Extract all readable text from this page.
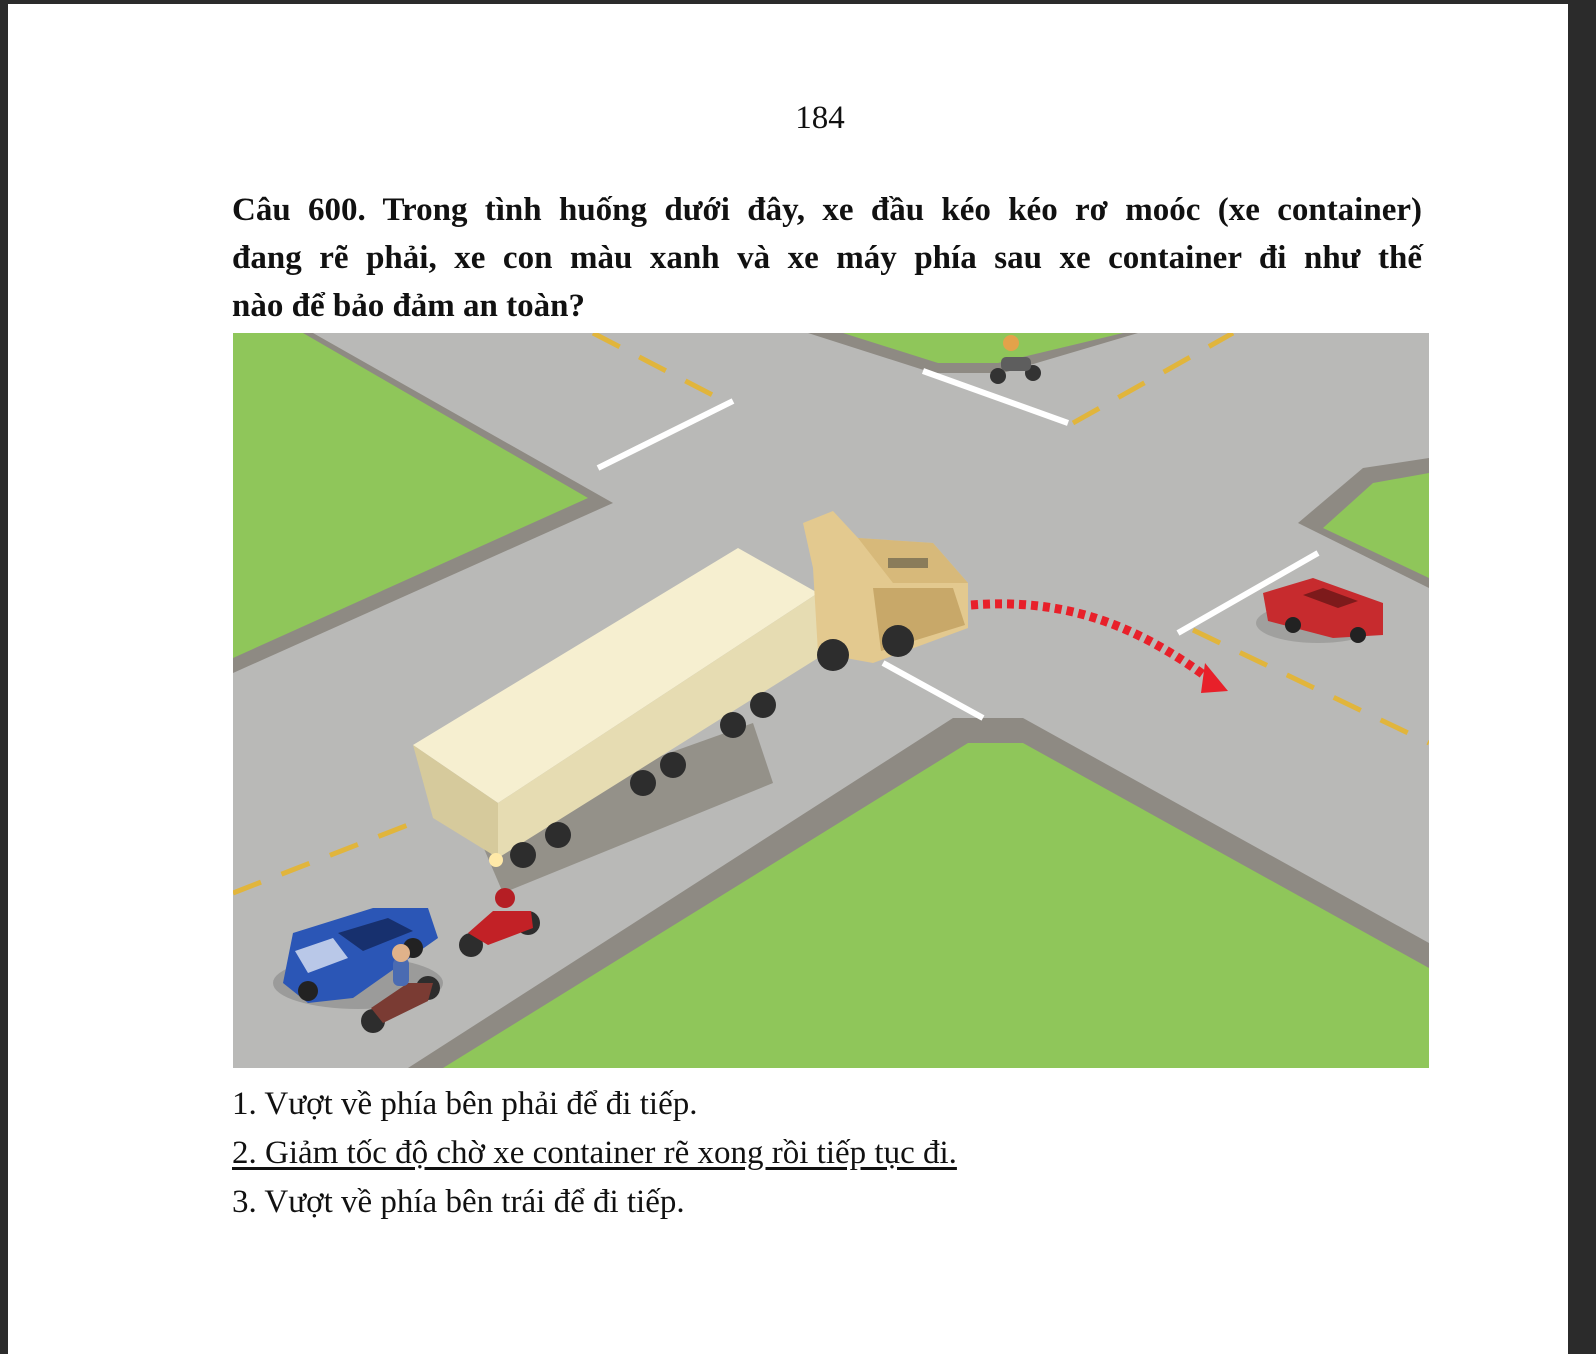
184
Câu 600. Trong tình huống dưới đây, xe đầu kéo kéo rơ moóc (xe container)
đang rẽ phải, xe con màu xanh và xe máy phía sau xe container đi như thế
nào để bảo đảm an toàn?
1. Vượt về phía bên phải để đi tiếp.
2. Giảm tốc độ chờ xe container rẽ xong rồi tiếp tục đi.
3. Vượt về phía bên trái để đi tiếp.
